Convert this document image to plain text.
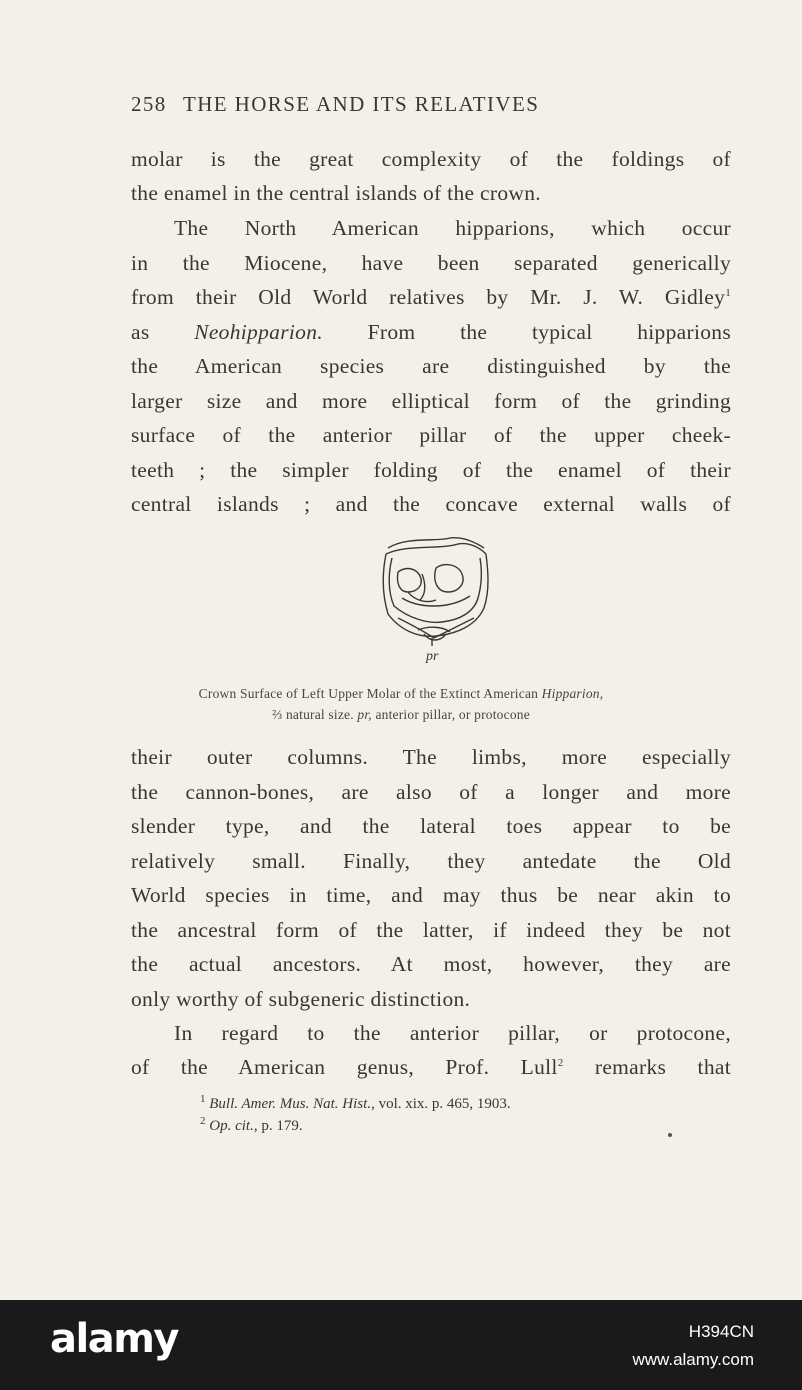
258 THE HORSE AND ITS RELATIVES
molar is the great complexity of the foldings of
the enamel in the central islands of the crown.
The North American hipparions, which occur
in the Miocene, have been separated generically
from their Old World relatives by Mr. J. W. Gidley$^1$
as Neohipparion. From the typical hipparions
the American species are distinguished by the
larger size and more elliptical form of the grinding
surface of the anterior pillar of the upper cheek-
teeth ; the simpler folding of the enamel of their
central islands ; and the concave external walls of
pr
Crown Surface of Left Upper Molar of the Extinct American Hipparion,
⅔ natural size. pr, anterior pillar, or protocone
their outer columns. The limbs, more especially
the cannon-bones, are also of a longer and more
slender type, and the lateral toes appear to be
relatively small. Finally, they antedate the Old
World species in time, and may thus be near akin to
the ancestral form of the latter, if indeed they be not
the actual ancestors. At most, however, they are
only worthy of subgeneric distinction.
In regard to the anterior pillar, or protocone,
of the American genus, Prof. Lull$^2$ remarks that
$^1$ Bull. Amer. Mus. Nat. Hist., vol. xix. p. 465, 1903.
$^2$ Op. cit., p. 179.
alamy	H394CN
www.alamy.com
